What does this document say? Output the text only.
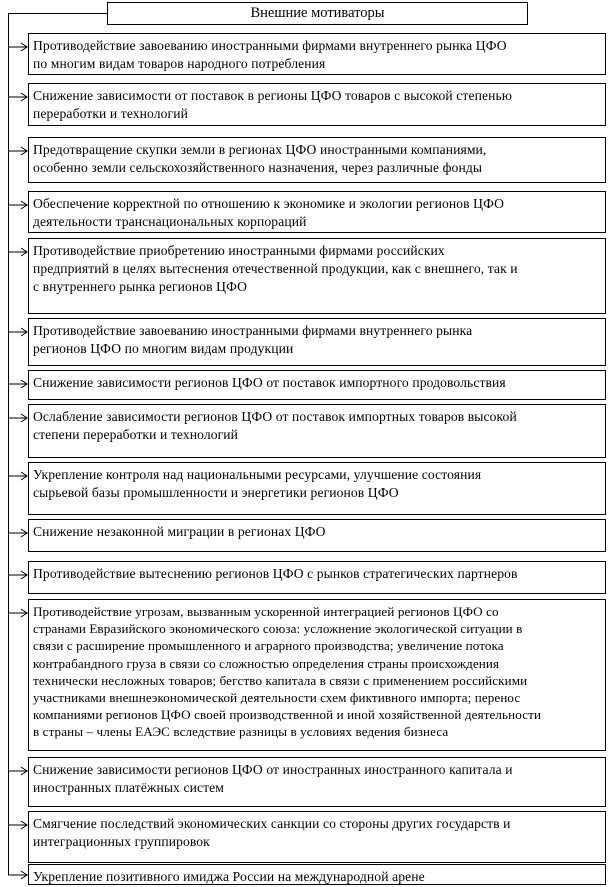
Внешние мотиваторы
Противодействие завоеванию иностранными фирмами внутреннего рынка ЦФО
по многим видам товаров народного потребления
Снижение зависимости от поставок в регионы ЦФО товаров с высокой степенью
переработки и технологий
Предотвращение скупки земли в регионах ЦФО иностранными компаниями,
особенно земли сельскохозяйственного назначения, через различные фонды
Обеспечение корректной по отношению к экономике и экологии регионов ЦФО
деятельности транснациональных корпораций
Противодействие приобретению иностранными фирмами российских
предприятий в целях вытеснения отечественной продукции, как с внешнего, так и
с внутреннего рынка регионов ЦФО
Противодействие завоеванию иностранными фирмами внутреннего рынка
регионов ЦФО по многим видам продукции
Снижение зависимости регионов ЦФО от поставок импортного продовольствия
Ослабление зависимости регионов ЦФО от поставок импортных товаров высокой
степени переработки и технологий
Укрепление контроля над национальными ресурсами, улучшение состояния
сырьевой базы промышленности и энергетики регионов ЦФО
Снижение незаконной миграции в регионах ЦФО
Противодействие вытеснению регионов ЦФО с рынков стратегических партнеров
Противодействие угрозам, вызванным ускоренной интеграцией регионов ЦФО со
странами Евразийского экономического союза: усложнение экологической ситуации в
связи с расширение промышленного и аграрного производства; увеличение потока
контрабандного груза в связи со сложностью определения страны происхождения
технически несложных товаров; бегство капитала в связи с применением российскими
участниками внешнеэкономической деятельности схем фиктивного импорта; перенос
компаниями регионов ЦФО своей производственной и иной хозяйственной деятельности
в страны – члены ЕАЭС вследствие разницы в условиях ведения бизнеса
Снижение зависимости регионов ЦФО от иностранных иностранного капитала и
иностранных платёжных систем
Смягчение последствий экономических санкции со стороны других государств и
интеграционных группировок
Укрепление позитивного имиджа России на международной арене
